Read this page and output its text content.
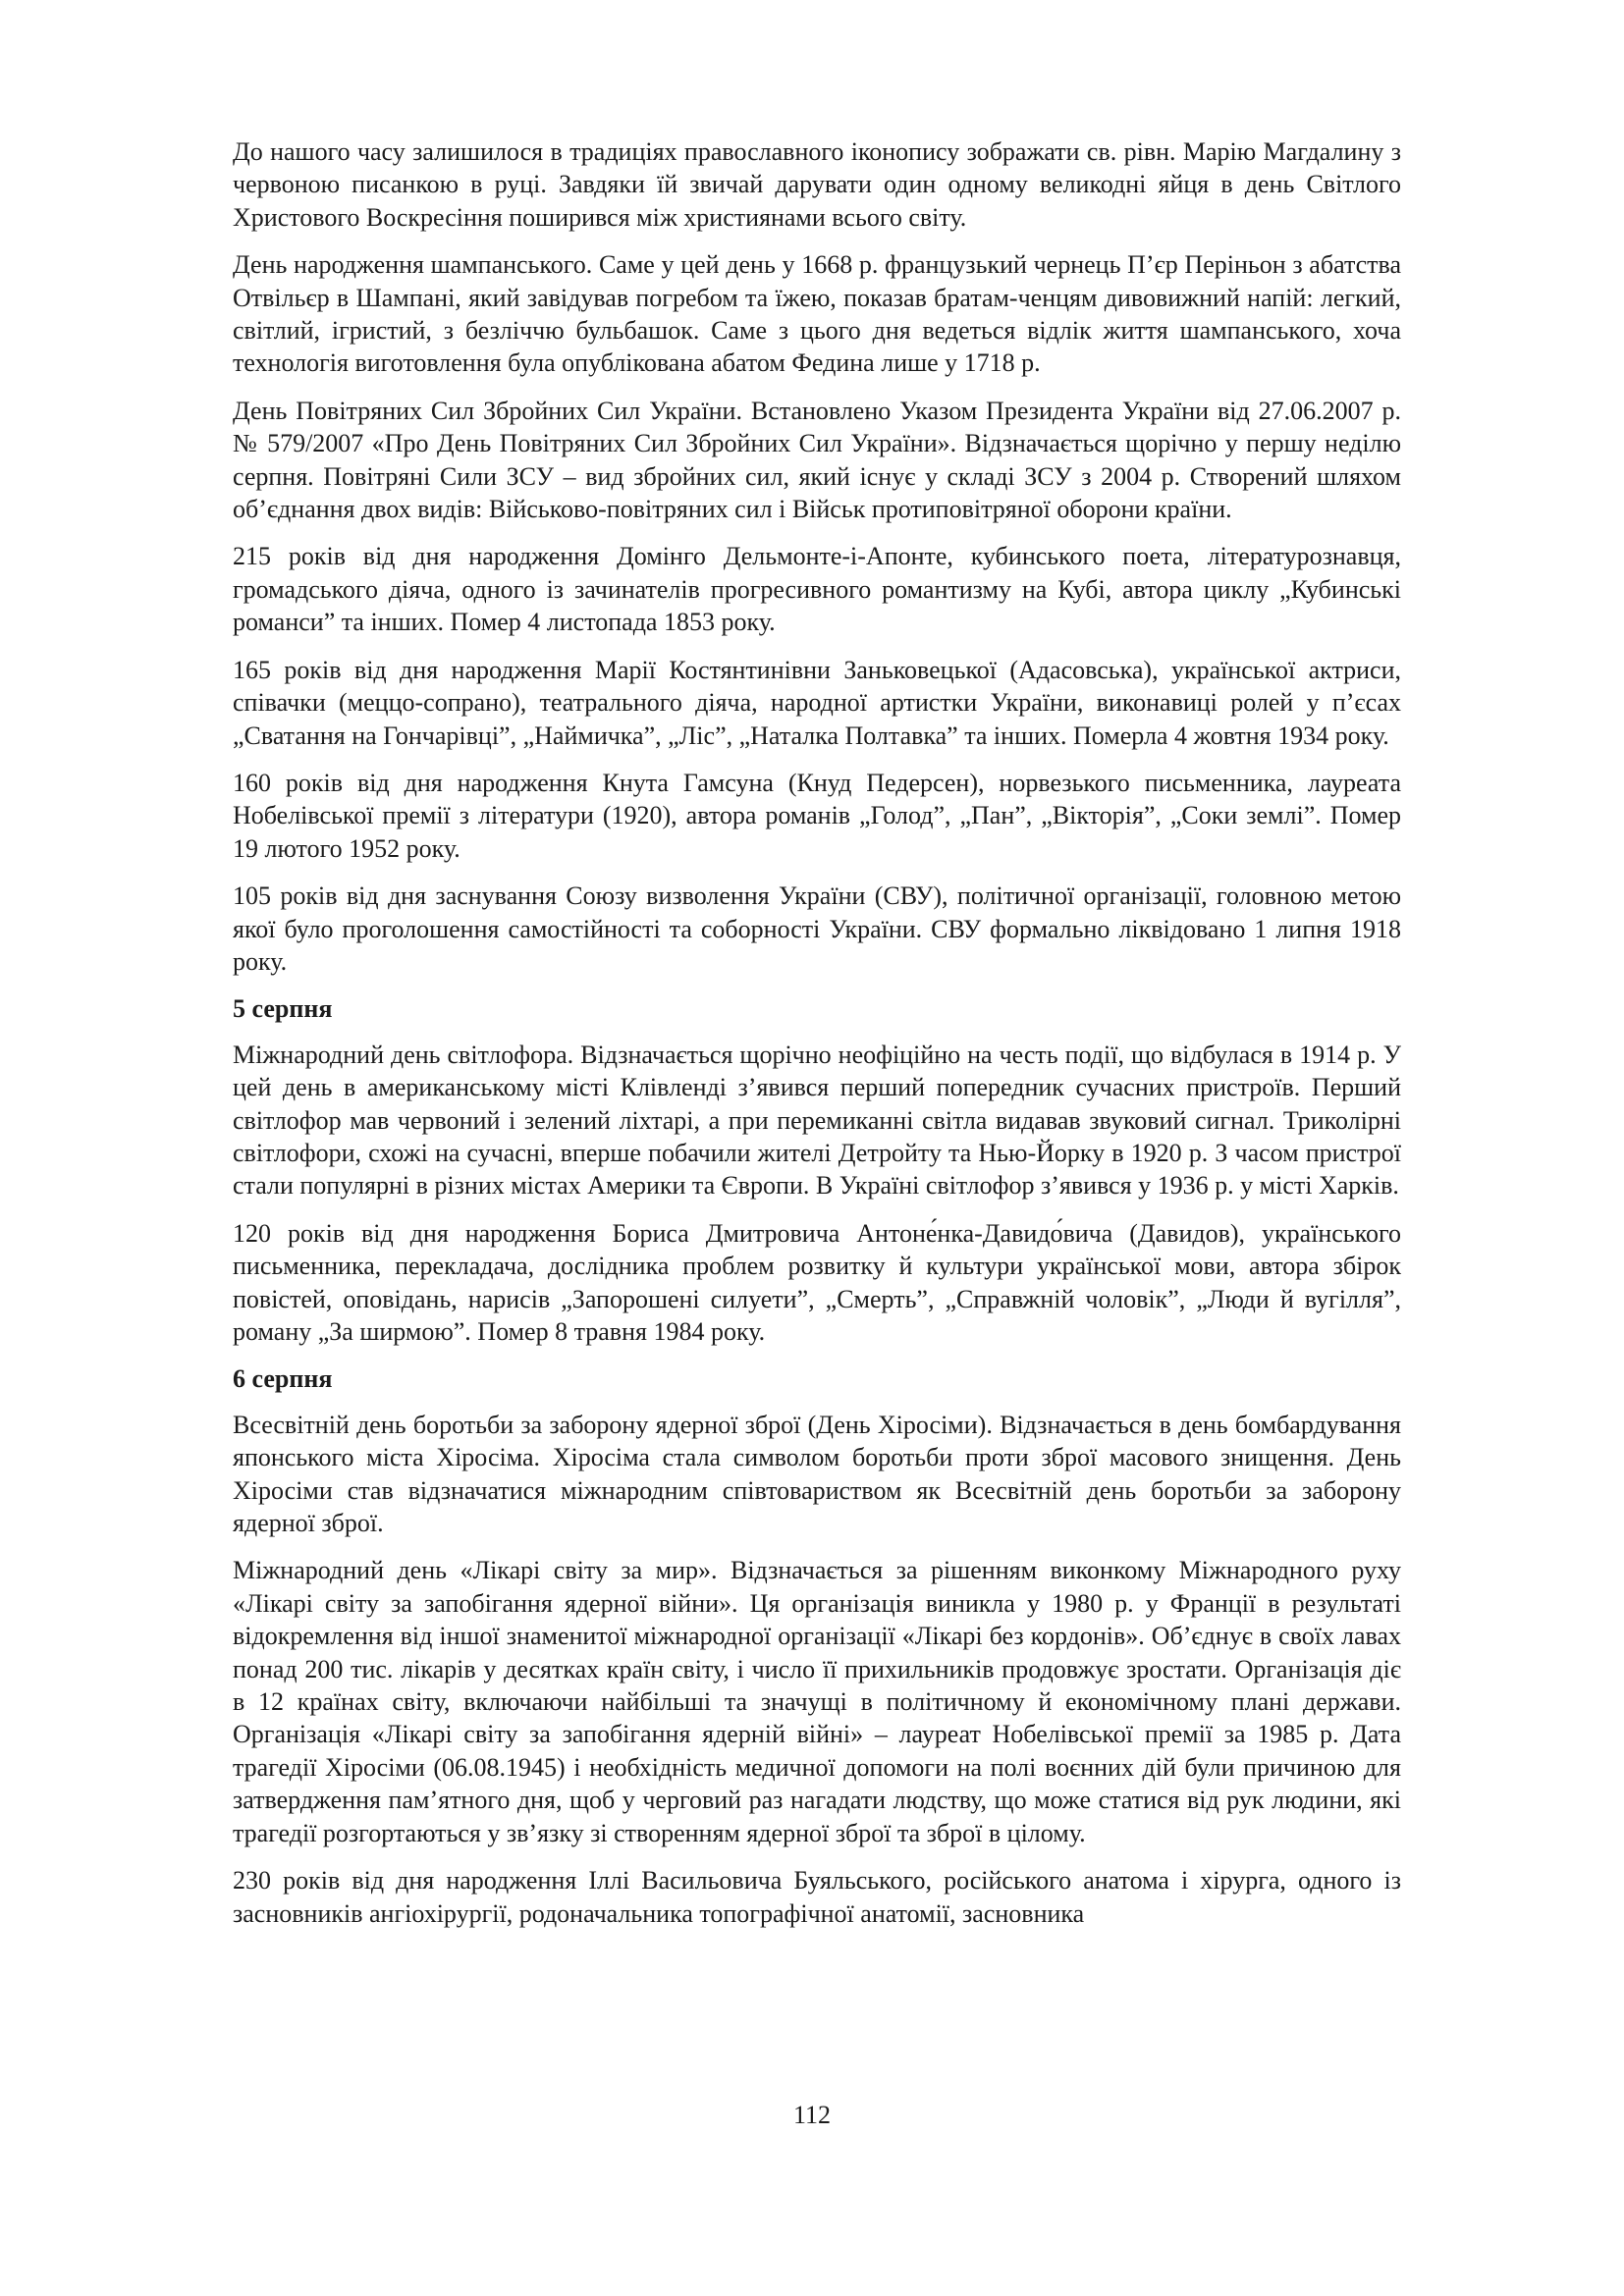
До нашого часу залишилося в традиціях православного іконопису зображати св. рівн. Марію Магдалину з червоною писанкою в руці. Завдяки їй звичай дарувати один одному великодні яйця в день Світлого Христового Воскресіння поширився між християнами всього світу.

День народження шампанського. Саме у цей день у 1668 р. французький чернець П’єр Періньон з абатства Отвільєр в Шампані, який завідував погребом та їжею, показав братам-ченцям дивовижний напій: легкий, світлий, ігристий, з безліччю бульбашок. Саме з цього дня ведеться відлік життя шампанського, хоча технологія виготовлення була опублікована абатом Федина лише у 1718 р.

День Повітряних Сил Збройних Сил України. Встановлено Указом Президента України від 27.06.2007 р. № 579/2007 «Про День Повітряних Сил Збройних Сил України». Відзначається щорічно у першу неділю серпня. Повітряні Сили ЗСУ – вид збройних сил, який існує у складі ЗСУ з 2004 р. Створений шляхом об’єднання двох видів: Військово-повітряних сил і Військ протиповітряної оборони країни.

215 років від дня народження Домінго Дельмонте-і-Апонте, кубинського поета, літературознавця, громадського діяча, одного із зачинателів прогресивного романтизму на Кубі, автора циклу „Кубинські романси” та інших. Помер 4 листопада 1853 року.

165 років від дня народження Марії Костянтинівни Заньковецької (Адасовська), української актриси, співачки (меццо-сопрано), театрального діяча, народної артистки України, виконавиці ролей у п’єсах „Сватання на Гончарівці”, „Наймичка”, „Ліс”, „Наталка Полтавка” та інших. Померла 4 жовтня 1934 року.

160 років від дня народження Кнута Гамсуна (Кнуд Педерсен), норвезького письменника, лауреата Нобелівської премії з літератури (1920), автора романів „Голод”, „Пан”, „Вікторія”, „Соки землі”. Помер 19 лютого 1952 року.

105 років від дня заснування Союзу визволення України (СВУ), політичної організації, головною метою якої було проголошення самостійності та соборності України. СВУ формально ліквідовано 1 липня 1918 року.

5 серпня

Міжнародний день світлофора. Відзначається щорічно неофіційно на честь події, що відбулася в 1914 р. У цей день в американському місті Клівленді з’явився перший попередник сучасних пристроїв. Перший світлофор мав червоний і зелений ліхтарі, а при перемиканні світла видавав звуковий сигнал. Триколірні світлофори, схожі на сучасні, вперше побачили жителі Детройту та Нью-Йорку в 1920 р. З часом пристрої стали популярні в різних містах Америки та Європи. В Україні світлофор з’явився у 1936 р. у місті Харків.

120 років від дня народження Бориса Дмитровича Антоне́нка-Давидо́вича (Давидов), українського письменника, перекладача, дослідника проблем розвитку й культури української мови, автора збірок повістей, оповідань, нарисів „Запорошені силуети”, „Смерть”, „Справжній чоловік”, „Люди й вугілля”, роману „За ширмою”. Помер 8 травня 1984 року.

6 серпня

Всесвітній день боротьби за заборону ядерної зброї (День Хіросіми). Відзначається в день бомбардування японського міста Хіросіма. Хіросіма стала символом боротьби проти зброї масового знищення. День Хіросіми став відзначатися міжнародним співтовариством як Всесвітній день боротьби за заборону ядерної зброї.

Міжнародний день «Лікарі світу за мир». Відзначається за рішенням виконкому Міжнародного руху «Лікарі світу за запобігання ядерної війни». Ця організація виникла у 1980 р. у Франції в результаті відокремлення від іншої знаменитої міжнародної організації «Лікарі без кордонів». Об’єднує в своїх лавах понад 200 тис. лікарів у десятках країн світу, і число її прихильників продовжує зростати. Організація діє в 12 країнах світу, включаючи найбільші та значущі в політичному й економічному плані держави. Організація «Лікарі світу за запобігання ядерній війні» – лауреат Нобелівської премії за 1985 р. Дата трагедії Хіросіми (06.08.1945) і необхідність медичної допомоги на полі воєнних дій були причиною для затвердження пам’ятного дня, щоб у черговий раз нагадати людству, що може статися від рук людини, які трагедії розгортаються у зв’язку зі створенням ядерної зброї та зброї в цілому.

230 років від дня народження Іллі Васильовича Буяльського, російського анатома і хірурга, одного із засновників ангіохірургії, родоначальника топографічної анатомії, засновника

112
